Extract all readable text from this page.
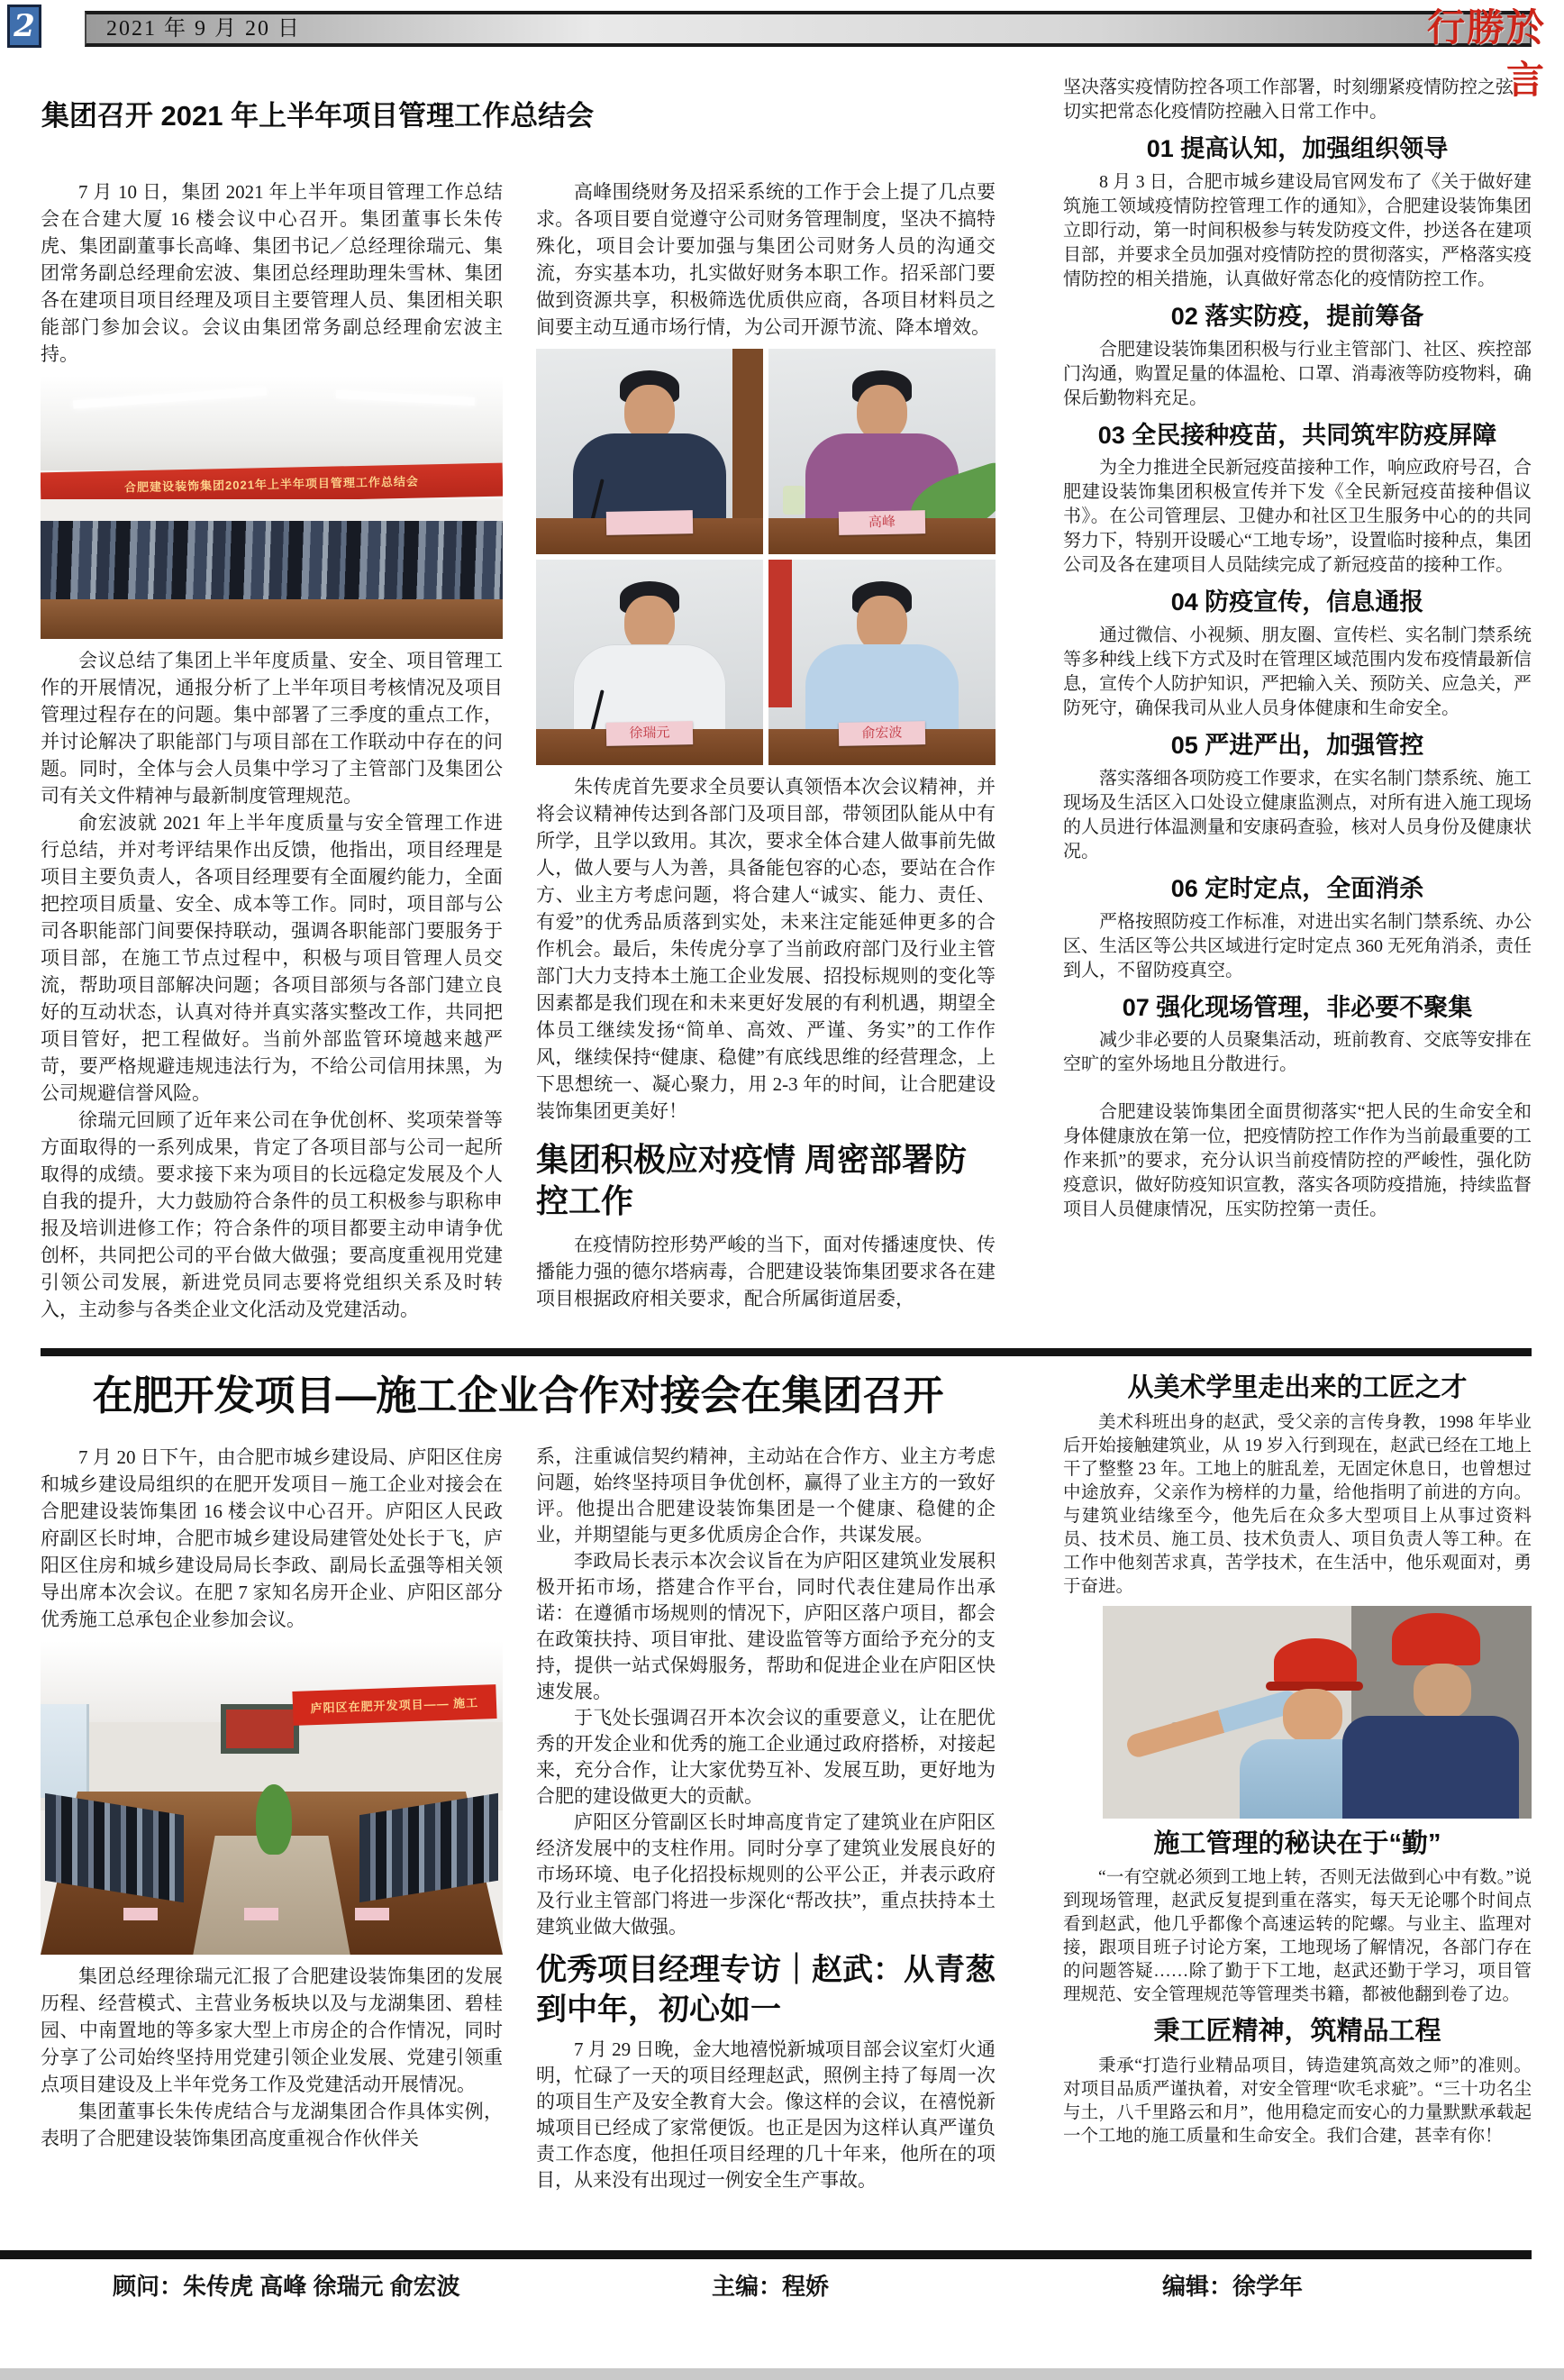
2	2021 年 9 月 20 日	行勝於言
集团召开 2021 年上半年项目管理工作总结会

7 月 10 日，集团 2021 年上半年项目管理工作总结会在合建大厦 16 楼会议中心召开。集团董事长朱传虎、集团副董事长高峰、集团书记／总经理徐瑞元、集团常务副总经理俞宏波、集团总经理助理朱雪林、集团各在建项目项目经理及项目主要管理人员、集团相关职能部门参加会议。会议由集团常务副总经理俞宏波主持。

合肥建设装饰集团2021年上半年项目管理工作总结会

会议总结了集团上半年度质量、安全、项目管理工作的开展情况，通报分析了上半年项目考核情况及项目管理过程存在的问题。集中部署了三季度的重点工作，并讨论解决了职能部门与项目部在工作联动中存在的问题。同时，全体与会人员集中学习了主管部门及集团公司有关文件精神与最新制度管理规范。

俞宏波就 2021 年上半年度质量与安全管理工作进行总结，并对考评结果作出反馈，他指出，项目经理是项目主要负责人，各项目经理要有全面履约能力，全面把控项目质量、安全、成本等工作。同时，项目部与公司各职能部门间要保持联动，强调各职能部门要服务于项目部，在施工节点过程中，积极与项目管理人员交流，帮助项目部解决问题；各项目部须与各部门建立良好的互动状态，认真对待并真实落实整改工作，共同把项目管好，把工程做好。当前外部监管环境越来越严苛，要严格规避违规违法行为，不给公司信用抹黑，为公司规避信誉风险。

徐瑞元回顾了近年来公司在争优创杯、奖项荣誉等方面取得的一系列成果，肯定了各项目部与公司一起所取得的成绩。要求接下来为项目的长远稳定发展及个人自我的提升，大力鼓励符合条件的员工积极参与职称申报及培训进修工作；符合条件的项目都要主动申请争优创杯，共同把公司的平台做大做强；要高度重视用党建引领公司发展，新进党员同志要将党组织关系及时转入，主动参与各类企业文化活动及党建活动。

高峰围绕财务及招采系统的工作于会上提了几点要求。各项目要自觉遵守公司财务管理制度，坚决不搞特殊化，项目会计要加强与集团公司财务人员的沟通交流，夯实基本功，扎实做好财务本职工作。招采部门要做到资源共享，积极筛选优质供应商，各项目材料员之间要主动互通市场行情，为公司开源节流、降本增效。

高峰
徐瑞元	俞宏波

朱传虎首先要求全员要认真领悟本次会议精神，并将会议精神传达到各部门及项目部，带领团队能从中有所学，且学以致用。其次，要求全体合建人做事前先做人，做人要与人为善，具备能包容的心态，要站在合作方、业主方考虑问题，将合建人“诚实、能力、责任、有爱”的优秀品质落到实处，未来注定能延伸更多的合作机会。最后，朱传虎分享了当前政府部门及行业主管部门大力支持本土施工企业发展、招投标规则的变化等因素都是我们现在和未来更好发展的有利机遇，期望全体员工继续发扬“简单、高效、严谨、务实”的工作作风，继续保持“健康、稳健”有底线思维的经营理念，上下思想统一、凝心聚力，用 2-3 年的时间，让合肥建设装饰集团更美好！

集团积极应对疫情 周密部署防控工作

在疫情防控形势严峻的当下，面对传播速度快、传播能力强的德尔塔病毒，合肥建设装饰集团要求各在建项目根据政府相关要求，配合所属街道居委，

坚决落实疫情防控各项工作部署，时刻绷紧疫情防控之弦，切实把常态化疫情防控融入日常工作中。

01 提高认知，加强组织领导

8 月 3 日，合肥市城乡建设局官网发布了《关于做好建筑施工领域疫情防控管理工作的通知》，合肥建设装饰集团立即行动，第一时间积极参与转发防疫文件，抄送各在建项目部，并要求全员加强对疫情防控的贯彻落实，严格落实疫情防控的相关措施，认真做好常态化的疫情防控工作。

02 落实防疫，提前筹备

合肥建设装饰集团积极与行业主管部门、社区、疾控部门沟通，购置足量的体温枪、口罩、消毒液等防疫物料，确保后勤物料充足。

03 全民接种疫苗，共同筑牢防疫屏障

为全力推进全民新冠疫苗接种工作，响应政府号召，合肥建设装饰集团积极宣传并下发《全民新冠疫苗接种倡议书》。在公司管理层、卫健办和社区卫生服务中心的的共同努力下，特别开设暖心“工地专场”，设置临时接种点，集团公司及各在建项目人员陆续完成了新冠疫苗的接种工作。

04 防疫宣传，信息通报

通过微信、小视频、朋友圈、宣传栏、实名制门禁系统等多种线上线下方式及时在管理区域范围内发布疫情最新信息，宣传个人防护知识，严把输入关、预防关、应急关，严防死守，确保我司从业人员身体健康和生命安全。

05 严进严出，加强管控

落实落细各项防疫工作要求，在实名制门禁系统、施工现场及生活区入口处设立健康监测点，对所有进入施工现场的人员进行体温测量和安康码查验，核对人员身份及健康状况。

06 定时定点，全面消杀

严格按照防疫工作标准，对进出实名制门禁系统、办公区、生活区等公共区域进行定时定点 360 无死角消杀，责任到人，不留防疫真空。

07 强化现场管理，非必要不聚集

减少非必要的人员聚集活动，班前教育、交底等安排在空旷的室外场地且分散进行。

合肥建设装饰集团全面贯彻落实“把人民的生命安全和身体健康放在第一位，把疫情防控工作作为当前最重要的工作来抓”的要求，充分认识当前疫情防控的严峻性，强化防疫意识，做好防疫知识宣教，落实各项防疫措施，持续监督项目人员健康情况，压实防控第一责任。

在肥开发项目—施工企业合作对接会在集团召开

7 月 20 日下午，由合肥市城乡建设局、庐阳区住房和城乡建设局组织的在肥开发项目－施工企业对接会在合肥建设装饰集团 16 楼会议中心召开。庐阳区人民政府副区长时坤，合肥市城乡建设局建管处处长于飞，庐阳区住房和城乡建设局局长李政、副局长孟强等相关领导出席本次会议。在肥 7 家知名房开企业、庐阳区部分优秀施工总承包企业参加会议。

庐阳区在肥开发项目—— 施工

集团总经理徐瑞元汇报了合肥建设装饰集团的发展历程、经营模式、主营业务板块以及与龙湖集团、碧桂园、中南置地的等多家大型上市房企的合作情况，同时分享了公司始终坚持用党建引领企业发展、党建引领重点项目建设及上半年党务工作及党建活动开展情况。

集团董事长朱传虎结合与龙湖集团合作具体实例，表明了合肥建设装饰集团高度重视合作伙伴关

系，注重诚信契约精神，主动站在合作方、业主方考虑问题，始终坚持项目争优创杯，赢得了业主方的一致好评。他提出合肥建设装饰集团是一个健康、稳健的企业，并期望能与更多优质房企合作，共谋发展。

李政局长表示本次会议旨在为庐阳区建筑业发展积极开拓市场，搭建合作平台，同时代表住建局作出承诺：在遵循市场规则的情况下，庐阳区落户项目，都会在政策扶持、项目审批、建设监管等方面给予充分的支持，提供一站式保姆服务，帮助和促进企业在庐阳区快速发展。

于飞处长强调召开本次会议的重要意义，让在肥优秀的开发企业和优秀的施工企业通过政府搭桥，对接起来，充分合作，让大家优势互补、发展互助，更好地为合肥的建设做更大的贡献。

庐阳区分管副区长时坤高度肯定了建筑业在庐阳区经济发展中的支柱作用。同时分享了建筑业发展良好的市场环境、电子化招投标规则的公平公正，并表示政府及行业主管部门将进一步深化“帮改扶”，重点扶持本土建筑业做大做强。

优秀项目经理专访｜赵武：从青葱到中年，初心如一

7 月 29 日晚，金大地禧悦新城项目部会议室灯火通明，忙碌了一天的项目经理赵武，照例主持了每周一次的项目生产及安全教育大会。像这样的会议，在禧悦新城项目已经成了家常便饭。也正是因为这样认真严谨负责工作态度，他担任项目经理的几十年来，他所在的项目，从来没有出现过一例安全生产事故。

从美术学里走出来的工匠之才

美术科班出身的赵武，受父亲的言传身教，1998 年毕业后开始接触建筑业，从 19 岁入行到现在，赵武已经在工地上干了整整 23 年。工地上的脏乱差，无固定休息日，也曾想过中途放弃，父亲作为榜样的力量，给他指明了前进的方向。与建筑业结缘至今，他先后在众多大型项目上从事过资料员、技术员、施工员、技术负责人、项目负责人等工种。在工作中他刻苦求真，苦学技术，在生活中，他乐观面对，勇于奋进。

施工管理的秘诀在于“勤”

“一有空就必须到工地上转，否则无法做到心中有数。”说到现场管理，赵武反复提到重在落实，每天无论哪个时间点看到赵武，他几乎都像个高速运转的陀螺。与业主、监理对接，跟项目班子讨论方案，工地现场了解情况，各部门存在的问题答疑……除了勤于下工地，赵武还勤于学习，项目管理规范、安全管理规范等管理类书籍，都被他翻到卷了边。

秉工匠精神，筑精品工程

秉承“打造行业精品项目，铸造建筑高效之师”的准则。对项目品质严谨执着，对安全管理“吹毛求疵”。“三十功名尘与土，八千里路云和月”，他用稳定而安心的力量默默承载起一个工地的施工质量和生命安全。我们合建，甚幸有你！

顾问：朱传虎 高峰 徐瑞元 俞宏波	主编：程娇	编辑：徐学年
